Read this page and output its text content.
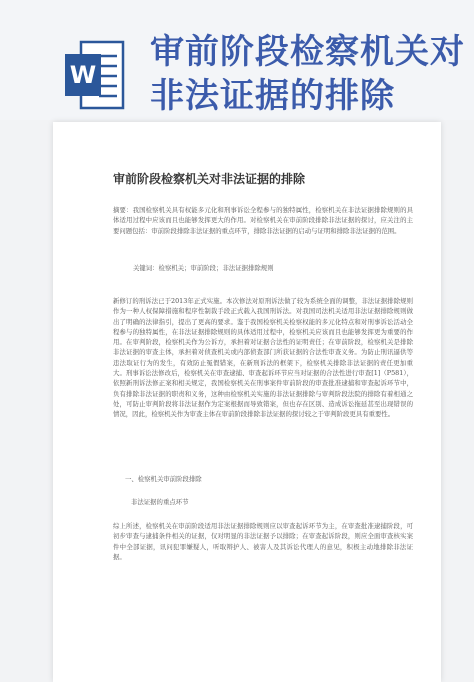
W
审前阶段检察机关对非法证据的排除
审前阶段检察机关对非法证据的排除
摘要：我国检察机关具有权能多元化和刑事诉讼全程参与的独特属性，检察机关在非法证据排除规则的具体适用过程中应该而且也能够发挥更大的作用。对检察机关在审前阶段排除非法证据的探讨，应关注的主要问题包括：审前阶段排除非法证据的重点环节，排除非法证据的启动与证明和排除非法证据的范围。
关键词：检察机关；审前阶段；非法证据排除规则
新修订的刑诉法已于2013年正式实施。本次修法对原刑诉法做了较为系统全面的调整，非法证据排除规则作为一种人权保障措施和程序性制裁手段正式载入我国刑诉法。对我国司法机关适用非法证据排除规则做出了明确的法律指引，提出了更高的要求。鉴于我国检察机关检察权能的多元化特点和对刑事诉讼活动全程参与的独特属性，在非法证据排除规则的具体适用过程中，检察机关应该而且也能够发挥更为重要的作用。在审判阶段，检察机关作为公诉方，承担着对证据合法性的证明责任；在审前阶段，检察机关是排除非法证据的审查主体，承担着对侦查机关或内部侦查部门所获证据的合法性审查义务。为防止刑讯逼供等违法取证行为的发生，有效防止冤假错案，在新刑诉法的框架下，检察机关排除非法证据的责任更加重大。刑事诉讼法修改后，检察机关在审查逮捕、审查起诉环节应当对证据的合法性进行审查[1]（P581），依照新刑诉法修正案和相关规定，我国检察机关在刑事案件审前阶段的审查批准逮捕和审查起诉环节中，负有排除非法证据的职责和义务，这种由检察机关实施的非法证据排除与审判阶段法院的排除有着相通之处，可防止审判阶段将非法证据作为定案根据而导致错案，但也存在区别、造成诉讼拖延甚至出现错误的情况，因此，检察机关作为审查主体在审前阶段排除非法证据的探讨较之于审判阶段更具有重要性。
一、检察机关审前阶段排除
非法证据的重点环节
综上所述，检察机关在审前阶段适用非法证据排除规则应以审查起诉环节为主，在审查批准逮捕阶段，可初步审查与逮捕条件相关的证据，仅对明显的非法证据予以排除；在审查起诉阶段，则应全面审查核实案件中全部证据，讯问犯罪嫌疑人，听取辩护人、被害人及其诉讼代理人的意见，积极主动地排除非法证据。
